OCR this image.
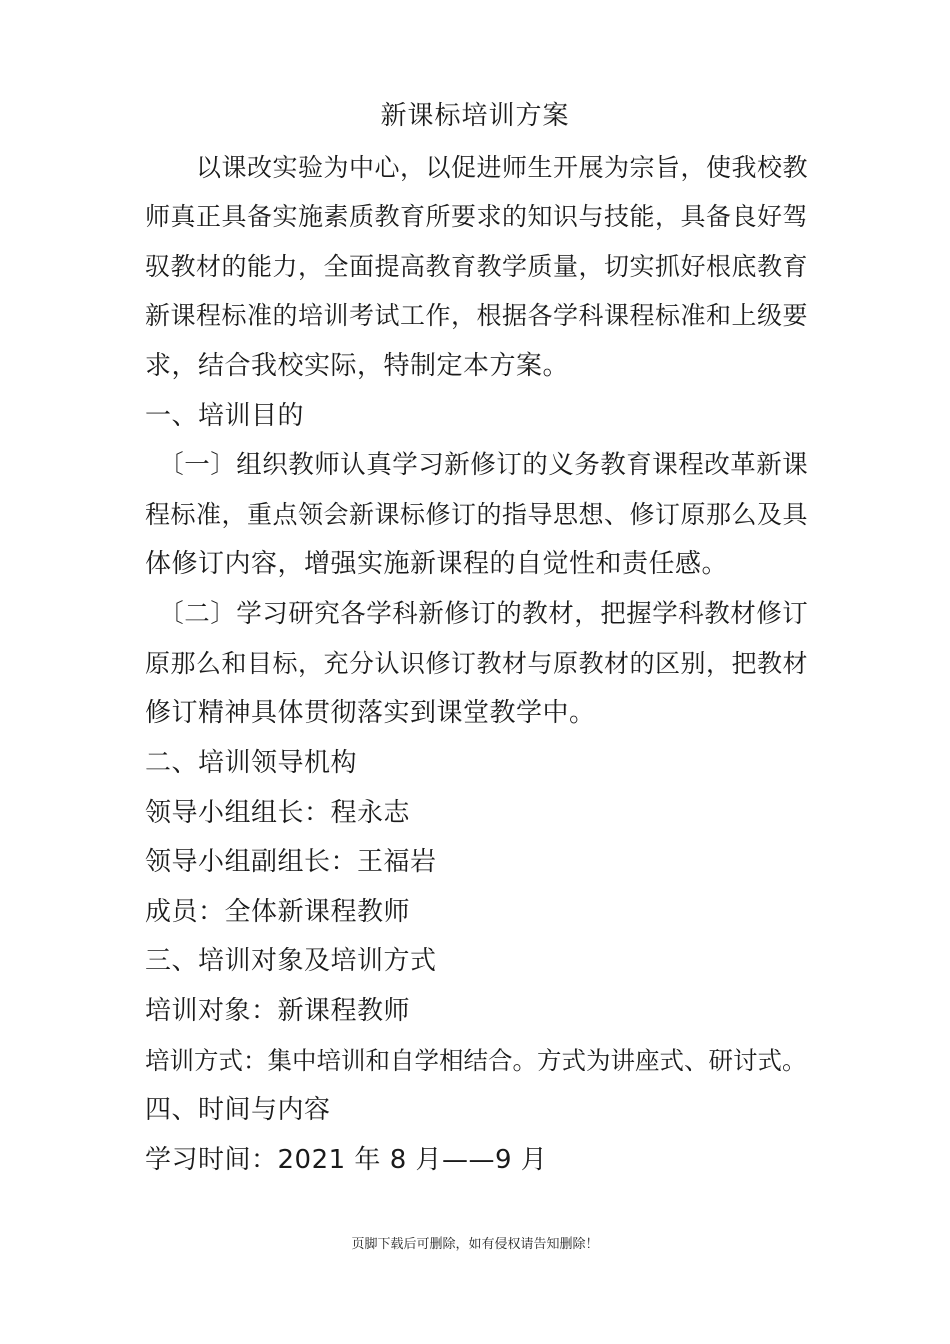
新课标培训方案
　　以课改实验为中心，以促进师生开展为宗旨，使我校教
师真正具备实施素质教育所要求的知识与技能，具备良好驾
驭教材的能力，全面提高教育教学质量，切实抓好根底教育
新课程标准的培训考试工作，根据各学科课程标准和上级要
求，结合我校实际，特制定本方案。
一、培训目的
　〔一〕组织教师认真学习新修订的义务教育课程改革新课
程标准，重点领会新课标修订的指导思想、修订原那么及具
体修订内容，增强实施新课程的自觉性和责任感。
　〔二〕学习研究各学科新修订的教材，把握学科教材修订
原那么和目标，充分认识修订教材与原教材的区别，把教材
修订精神具体贯彻落实到课堂教学中。
二、培训领导机构
领导小组组长：程永志
领导小组副组长：王福岩
成员：全体新课程教师
三、培训对象及培训方式
培训对象：新课程教师
培训方式：集中培训和自学相结合。方式为讲座式、研讨式。
四、时间与内容
学习时间：2021 年 8 月——9 月
页脚下载后可删除，如有侵权请告知删除！
